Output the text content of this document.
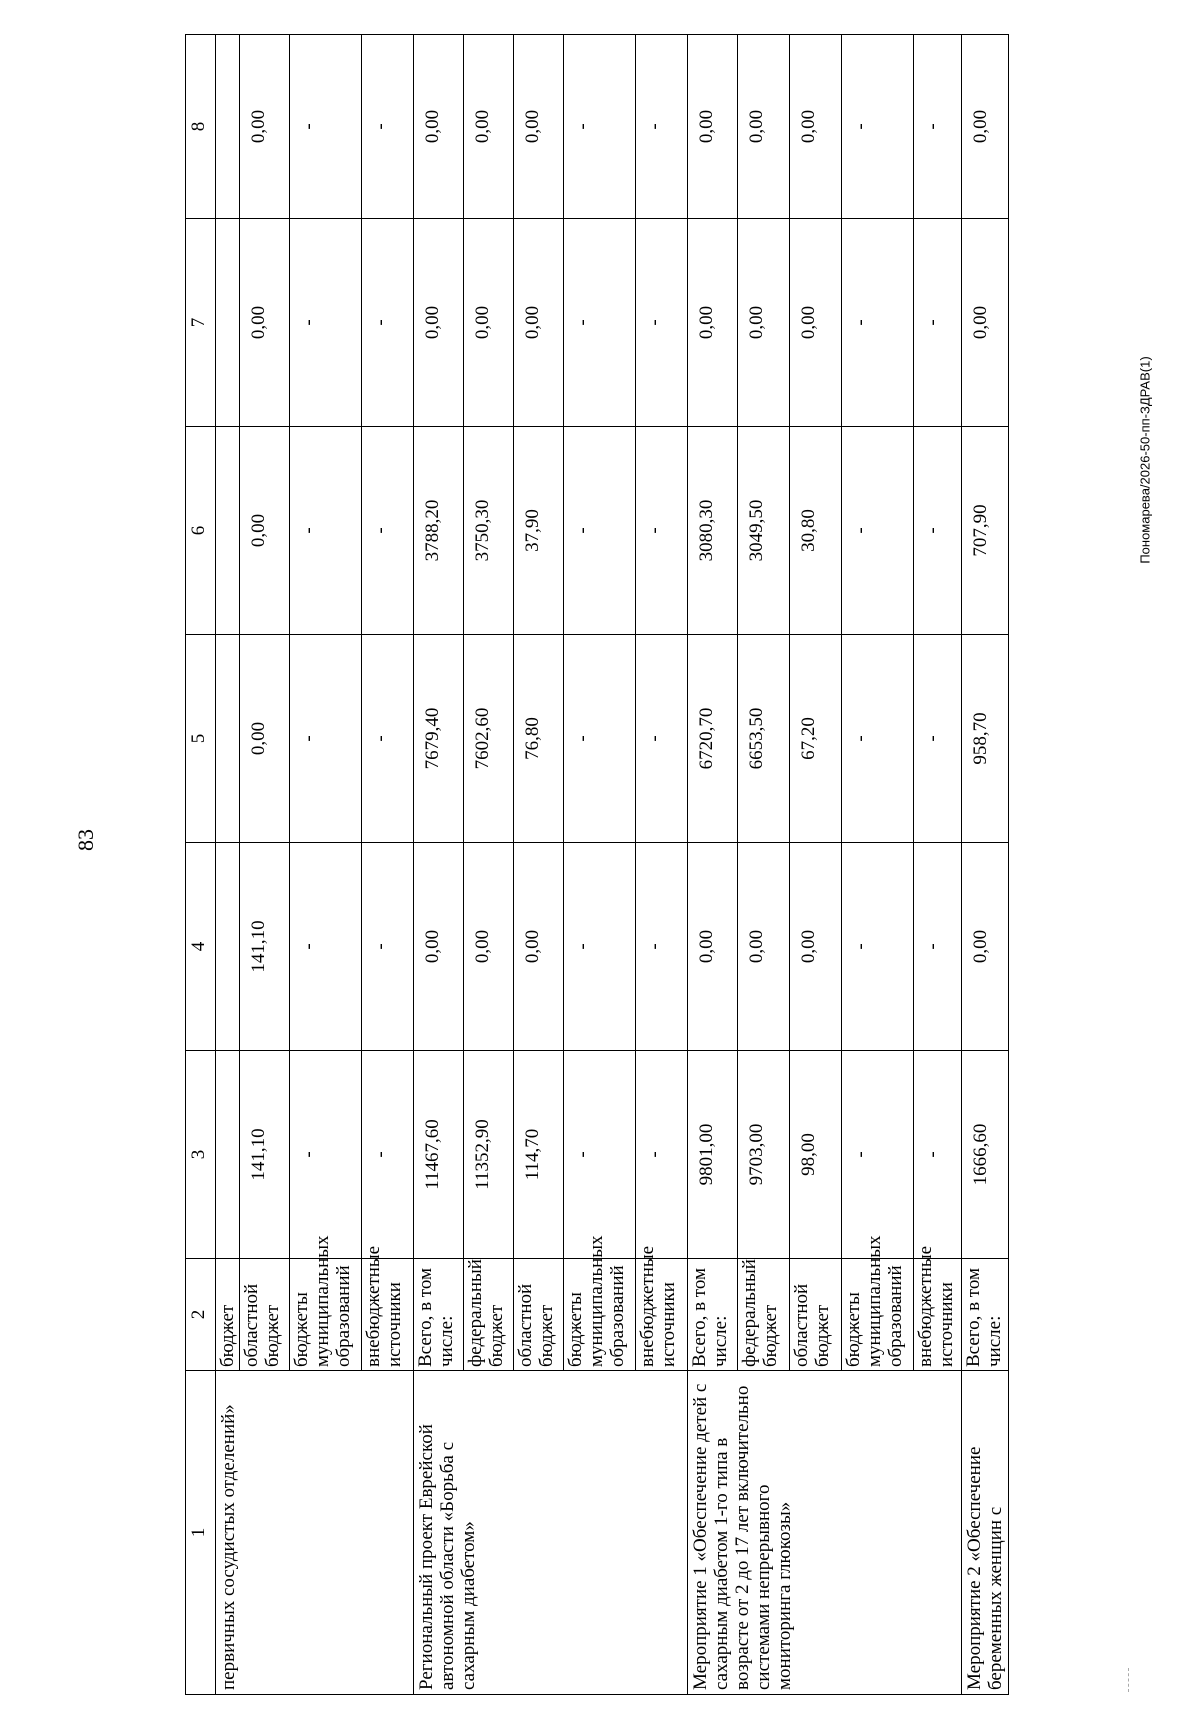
83
Пономарева/2026-50-пп-ЗДРАВ(1)
1	2	3	4	5	6	7	8
первичных сосудистых отделений»	бюджет						
	областной бюджет	141,10	141,10	0,00	0,00	0,00	0,00
	бюджеты муниципальных образований	-	-	-	-	-	-
	внебюджетные источники	-	-	-	-	-	-
Региональный проект Еврейской автономной области «Борьба с сахарным диабетом»	Всего, в том числе:	11467,60	0,00	7679,40	3788,20	0,00	0,00
	федеральный бюджет	11352,90	0,00	7602,60	3750,30	0,00	0,00
	областной бюджет	114,70	0,00	76,80	37,90	0,00	0,00
	бюджеты муниципальных образований	-	-	-	-	-	-
	внебюджетные источники	-	-	-	-	-	-
Мероприятие 1 «Обеспечение детей с сахарным диабетом 1-го типа в возрасте от 2 до 17 лет включительно системами непрерывного мониторинга глюкозы»	Всего, в том числе:	9801,00	0,00	6720,70	3080,30	0,00	0,00
	федеральный бюджет	9703,00	0,00	6653,50	3049,50	0,00	0,00
	областной бюджет	98,00	0,00	67,20	30,80	0,00	0,00
	бюджеты муниципальных образований	-	-	-	-	-	-
	внебюджетные источники	-	-	-	-	-	-
Мероприятие 2 «Обеспечение беременных женщин с	Всего, в том числе:	1666,60	0,00	958,70	707,90	0,00	0,00
